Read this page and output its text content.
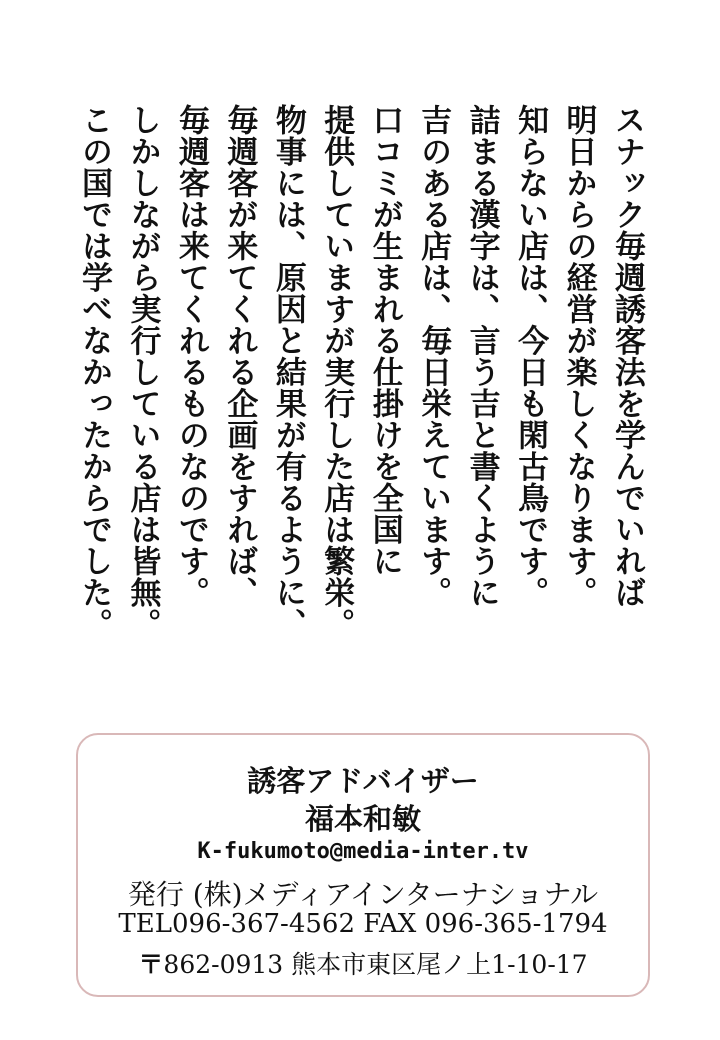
スナック毎週誘客法を学んでいれば

明日からの経営が楽しくなります。

知らない店は、今日も閑古鳥です。

詰まる漢字は、言う吉と書くように

吉のある店は、毎日栄えています。

口コミが生まれる仕掛けを全国に

提供していますが実行した店は繁栄。

物事には、原因と結果が有るように、

毎週客が来てくれる企画をすれば、

毎週客は来てくれるものなのです。

しかしながら実行している店は皆無。

この国では学べなかったからでした。

誘客アドバイザー
福本和敏
K-fukumoto@media-inter.tv
発行 (株)メディアインターナショナル
TEL096-367-4562 FAX 096-365-1794
〒862-0913 熊本市東区尾ノ上1-10-17
